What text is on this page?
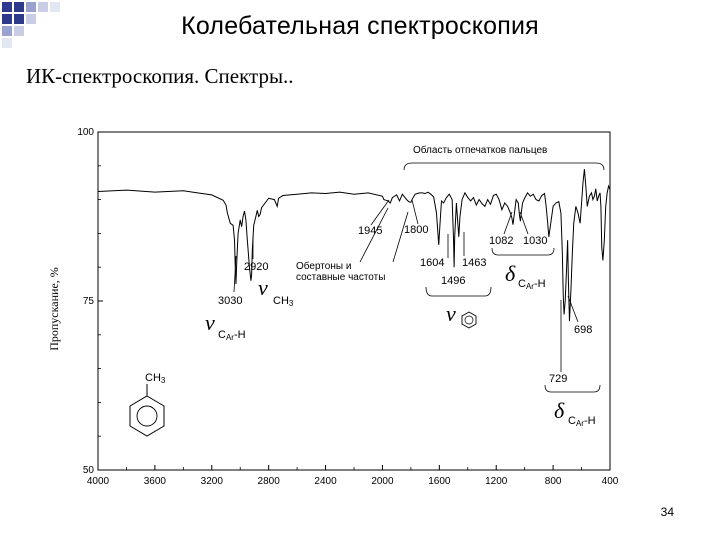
Колебательная спектроскопия
ИК-спектроскопия. Спектры..
4000	3600	3200	2800	2400	2000	1600	1200	800	400
50
75
100
Пропускание, %
Область отпечатков пальцев
Обертоны и
составные частоты
1945 1800
2920
3030
ν
CH3
ν CAr-H
1604 1463
1496
ν
1082 1030
δ CAr-H
698
729
δ CAr-H
CH3
34
